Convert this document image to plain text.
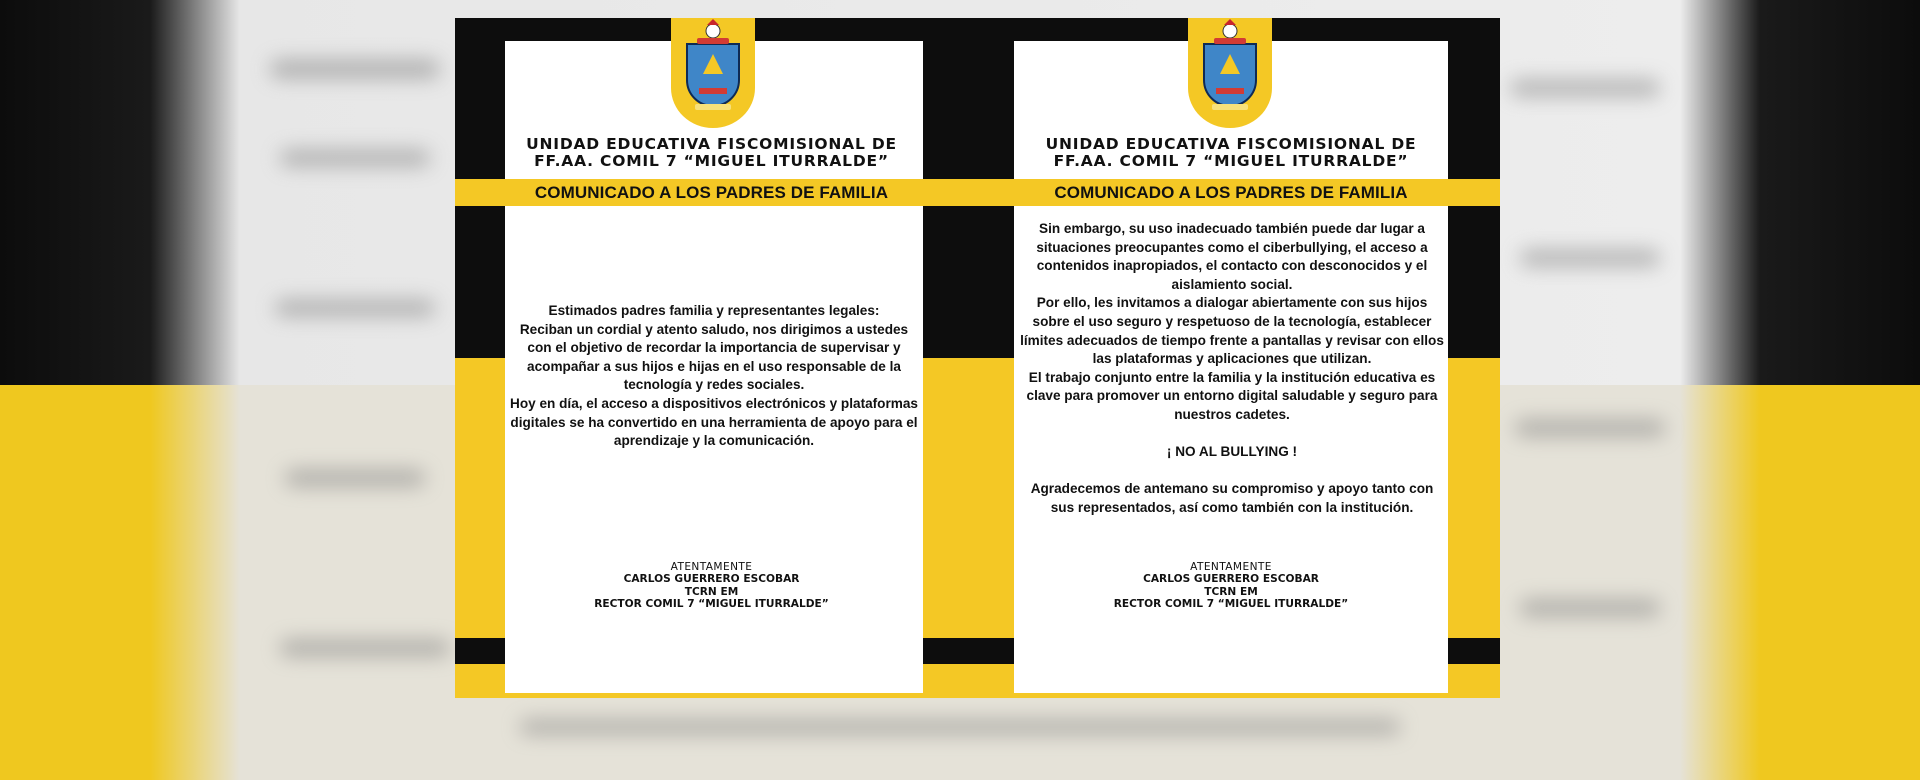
UNIDAD EDUCATIVA FISCOMISIONAL DE
FF.AA. COMIL 7 “MIGUEL ITURRALDE”
COMUNICADO A LOS PADRES DE FAMILIA

Estimados padres familia y representantes legales:

Reciban un cordial y atento saludo, nos dirigimos a ustedes con el objetivo de recordar la importancia de supervisar y acompañar a sus hijos e hijas en el uso responsable de la tecnología y redes sociales.

Hoy en día, el acceso a dispositivos electrónicos y plataformas digitales se ha convertido en una herramienta de apoyo para el aprendizaje y la comunicación.

ATENTAMENTE
CARLOS GUERRERO ESCOBAR
TCRN EM
RECTOR COMIL 7 “MIGUEL ITURRALDE”
UNIDAD EDUCATIVA FISCOMISIONAL DE
FF.AA. COMIL 7 “MIGUEL ITURRALDE”
COMUNICADO A LOS PADRES DE FAMILIA

Sin embargo, su uso inadecuado también puede dar lugar a situaciones preocupantes como el ciberbullying, el acceso a contenidos inapropiados, el contacto con desconocidos y el aislamiento social.

Por ello, les invitamos a dialogar abiertamente con sus hijos sobre el uso seguro y respetuoso de la tecnología, establecer límites adecuados de tiempo frente a pantallas y revisar con ellos las plataformas y aplicaciones que utilizan.

El trabajo conjunto entre la familia y la institución educativa es clave para promover un entorno digital saludable y seguro para nuestros cadetes.

¡ NO AL BULLYING !

Agradecemos de antemano su compromiso y apoyo tanto con sus representados, así como también con la institución.

ATENTAMENTE
CARLOS GUERRERO ESCOBAR
TCRN EM
RECTOR COMIL 7 “MIGUEL ITURRALDE”
